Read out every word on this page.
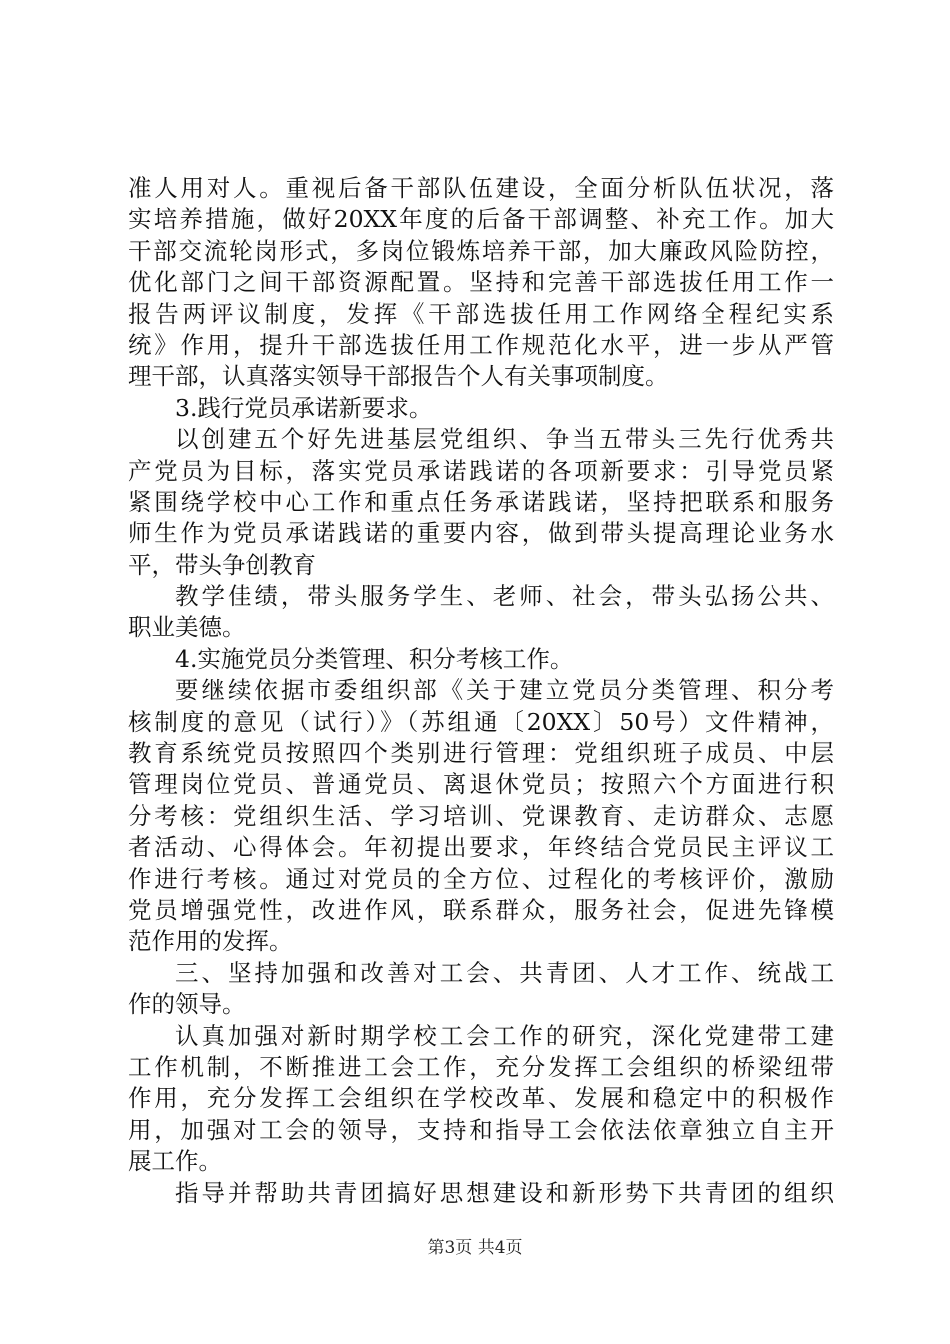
准人用对人。重视后备干部队伍建设，全面分析队伍状况，落
实培养措施，做好20XX年度的后备干部调整、补充工作。加大
干部交流轮岗形式，多岗位锻炼培养干部，加大廉政风险防控，
优化部门之间干部资源配置。坚持和完善干部选拔任用工作一
报告两评议制度，发挥《干部选拔任用工作网络全程纪实系
统》作用，提升干部选拔任用工作规范化水平，进一步从严管
理干部，认真落实领导干部报告个人有关事项制度。
3.践行党员承诺新要求。
以创建五个好先进基层党组织、争当五带头三先行优秀共
产党员为目标，落实党员承诺践诺的各项新要求：引导党员紧
紧围绕学校中心工作和重点任务承诺践诺，坚持把联系和服务
师生作为党员承诺践诺的重要内容，做到带头提高理论业务水
平，带头争创教育
教学佳绩，带头服务学生、老师、社会，带头弘扬公共、
职业美德。
4.实施党员分类管理、积分考核工作。
要继续依据市委组织部《关于建立党员分类管理、积分考
核制度的意见（试行）》（苏组通〔20XX〕50号）文件精神，
教育系统党员按照四个类别进行管理：党组织班子成员、中层
管理岗位党员、普通党员、离退休党员；按照六个方面进行积
分考核：党组织生活、学习培训、党课教育、走访群众、志愿
者活动、心得体会。年初提出要求，年终结合党员民主评议工
作进行考核。通过对党员的全方位、过程化的考核评价，激励
党员增强党性，改进作风，联系群众，服务社会，促进先锋模
范作用的发挥。
三、坚持加强和改善对工会、共青团、人才工作、统战工
作的领导。
认真加强对新时期学校工会工作的研究，深化党建带工建
工作机制，不断推进工会工作，充分发挥工会组织的桥梁纽带
作用，充分发挥工会组织在学校改革、发展和稳定中的积极作
用，加强对工会的领导，支持和指导工会依法依章独立自主开
展工作。
指导并帮助共青团搞好思想建设和新形势下共青团的组织
第3页 共4页
